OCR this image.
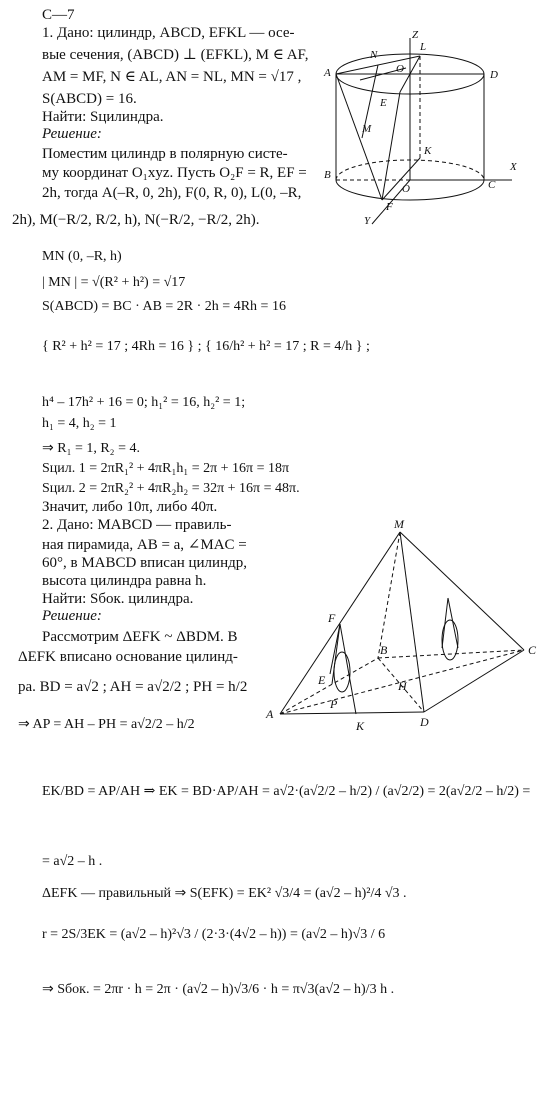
C—7
1. Дано: цилиндр, ABCD, EFKL — осе-
вые сечения, (ABCD) ⊥ (EFKL), M ∈ AF,
AM = MF, N ∈ AL, AN = NL, MN = √17 ,
S(ABCD) = 16.
Найти: Sцилиндра.
Решение:
Поместим цилиндр в полярную систе-
му координат O₁xyz. Пусть O₂F = R, EF =
2h, тогда A(–R, 0, 2h), F(0, R, 0), L(0, –R,
2h), M(−R/2, R/2, h), N(−R/2, −R/2, 2h).
MN (0, –R, h)
| MN | = √(R² + h²) = √17
S(ABCD) = BC · AB = 2R · 2h = 4Rh = 16
{ R² + h² = 17 ; 4Rh = 16 } ; { 16/h² + h² = 17 ; R = 4/h } ;
h⁴ – 17h² + 16 = 0; h₁² = 16, h₂² = 1;
h₁ = 4, h₂ = 1
⇒ R₁ = 1, R₂ = 4.
Sцил. 1 = 2πR₁² + 4πR₁h₁ = 2π + 16π = 18π
Sцил. 2 = 2πR₂² + 4πR₂h₂ = 32π + 16π = 48π.
Значит, либо 10π, либо 40π.
2. Дано: MABCD — правиль-
ная пирамида, AB = a, ∠MAC =
60°, в MABCD вписан цилиндр,
высота цилиндра равна h.
Найти: Sбок. цилиндра.
Решение:
Рассмотрим ΔEFK ~ ΔBDM. В
ΔEFK вписано основание цилинд-
ра. BD = a√2 ; AH = a√2/2 ; PH = h/2
⇒ AP = AH – PH = a√2/2 – h/2
EK/BD = AP/AH ⇒ EK = BD·AP/AH = a√2·(a√2/2 – h/2) / (a√2/2) = 2(a√2/2 – h/2) =
= a√2 – h .
ΔEFK — правильный ⇒ S(EFK) = EK² √3/4 = (a√2 – h)²/4 √3 .
r = 2S/3EK = (a√2 – h)²√3 / (2·3·(4√2 – h)) = (a√2 – h)√3 / 6
⇒ Sбок. = 2πr · h = 2π · (a√2 – h)√3/6 · h = π√3(a√2 – h)/3 h .
Z
N
L
A	O	D
E
M
K
X
B
O	C
Y
F
M
F
B	C
E	H
P
A
K	D
